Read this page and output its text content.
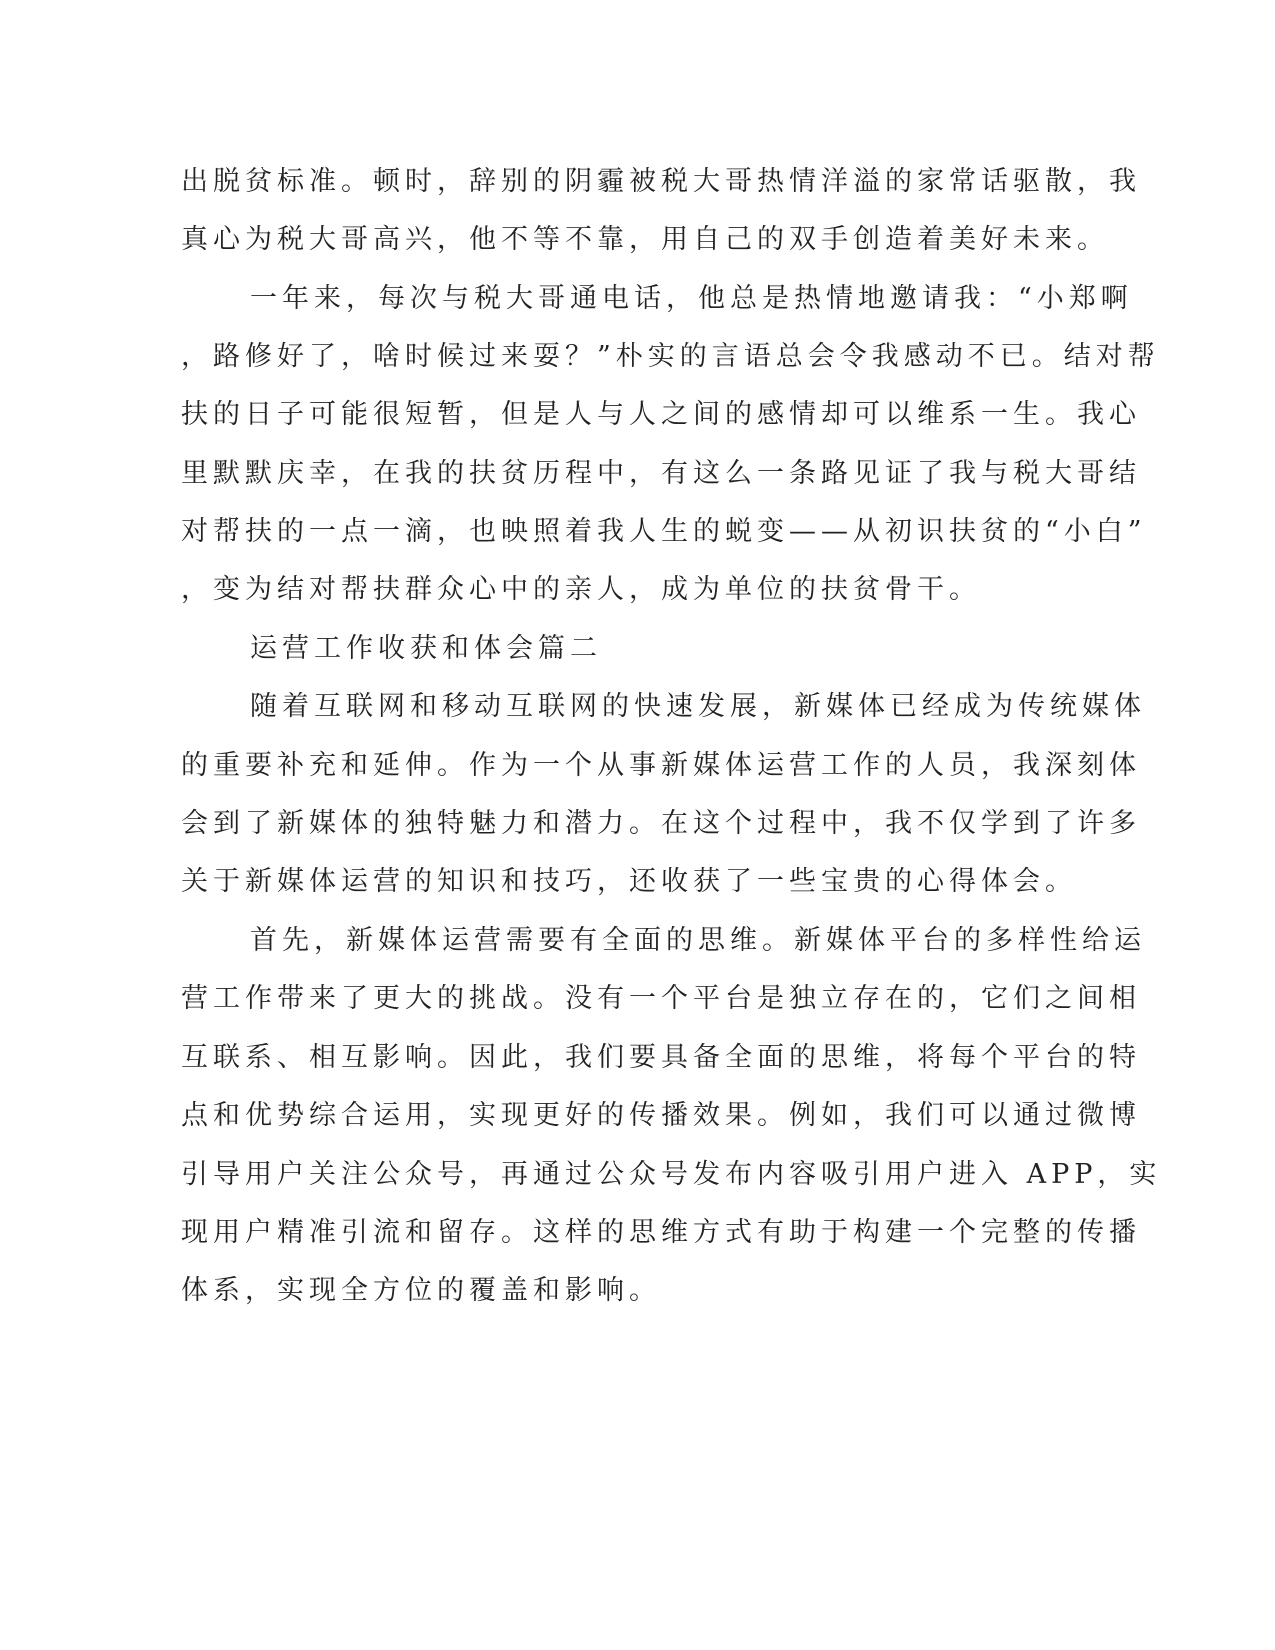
出脱贫标准。顿时，辞别的阴霾被税大哥热情洋溢的家常话驱散，我

真心为税大哥高兴，他不等不靠，用自己的双手创造着美好未来。

一年来，每次与税大哥通电话，他总是热情地邀请我：“小郑啊

，路修好了，啥时候过来耍？”朴实的言语总会令我感动不已。结对帮

扶的日子可能很短暂，但是人与人之间的感情却可以维系一生。我心

里默默庆幸，在我的扶贫历程中，有这么一条路见证了我与税大哥结

对帮扶的一点一滴，也映照着我人生的蜕变——从初识扶贫的“小白”

，变为结对帮扶群众心中的亲人，成为单位的扶贫骨干。

运营工作收获和体会篇二

随着互联网和移动互联网的快速发展，新媒体已经成为传统媒体

的重要补充和延伸。作为一个从事新媒体运营工作的人员，我深刻体

会到了新媒体的独特魅力和潜力。在这个过程中，我不仅学到了许多

关于新媒体运营的知识和技巧，还收获了一些宝贵的心得体会。

首先，新媒体运营需要有全面的思维。新媒体平台的多样性给运

营工作带来了更大的挑战。没有一个平台是独立存在的，它们之间相

互联系、相互影响。因此，我们要具备全面的思维，将每个平台的特

点和优势综合运用，实现更好的传播效果。例如，我们可以通过微博

引导用户关注公众号，再通过公众号发布内容吸引用户进入 APP，实

现用户精准引流和留存。这样的思维方式有助于构建一个完整的传播

体系，实现全方位的覆盖和影响。
